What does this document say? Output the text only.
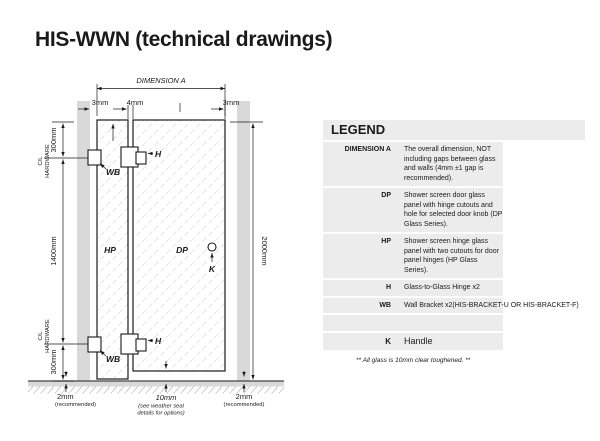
HIS-WWN (technical drawings)
DIMENSION A
3mm 4mm	3mm
300mm
1400mm
300mm
C/L HARDWARE
C/L HARDWARE
2000mm
H
WB
H
WB
K
HP	DP
2mm
(recommended)
10mm
(see weather seal
details for options)
2mm
(recommended)
LEGEND
DIMENSION A The overall dimension, NOT including gaps between glass and walls (4mm ±1 gap is recommended).
DP Shower screen door glass panel with hinge cutouts and hole for selected door knob (DP Glass Series).
HP Shower screen hinge glass panel with two cutouts for door panel hinges (HP Glass Series).
H Glass-to-Glass Hinge x2
WB Wall Bracket x2(HIS-BRACKET-U OR HIS-BRACKET-F)
K Handle
** All glass is 10mm clear toughened. **
